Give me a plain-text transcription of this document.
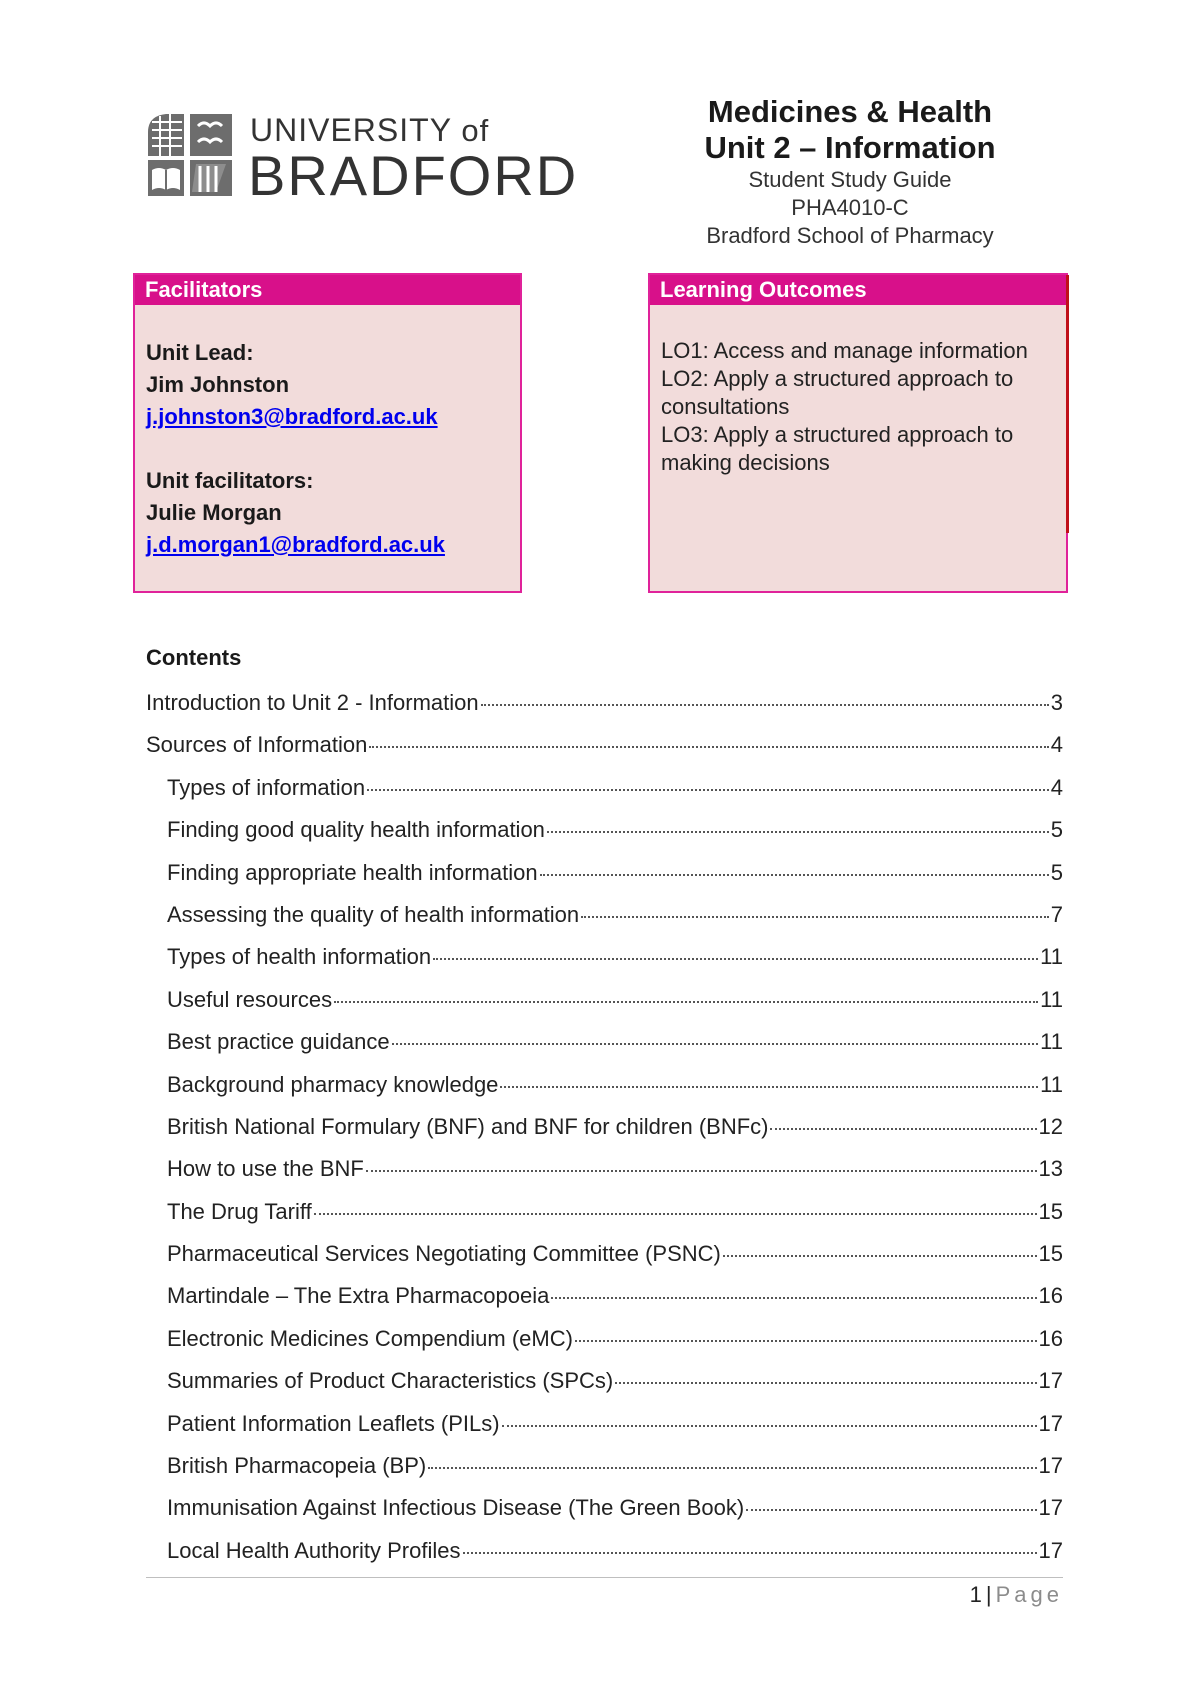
UNIVERSITY of
BRADFORD
Medicines & Health
Unit 2 – Information
Student Study Guide
PHA4010-C
Bradford School of Pharmacy
Facilitators
Unit Lead:
Jim Johnston
j.johnston3@bradford.ac.uk
Unit facilitators:
Julie Morgan
j.d.morgan1@bradford.ac.uk
Learning Outcomes
LO1: Access and manage information
LO2: Apply a structured approach to consultations
LO3: Apply a structured approach to making decisions
Contents
Introduction to Unit 2 - Information	3
Sources of Information	4
Types of information	4
Finding good quality health information	5
Finding appropriate health information	5
Assessing the quality of health information	7
Types of health information	11
Useful resources	11
Best practice guidance	11
Background pharmacy knowledge	11
British National Formulary (BNF) and BNF for children (BNFc)	12
How to use the BNF	13
The Drug Tariff	15
Pharmaceutical Services Negotiating Committee (PSNC)	15
Martindale – The Extra Pharmacopoeia	16
Electronic Medicines Compendium (eMC)	16
Summaries of Product Characteristics (SPCs)	17
Patient Information Leaflets (PILs)	17
British Pharmacopeia (BP)	17
Immunisation Against Infectious Disease (The Green Book)	17
Local Health Authority Profiles	17
1 | Page
